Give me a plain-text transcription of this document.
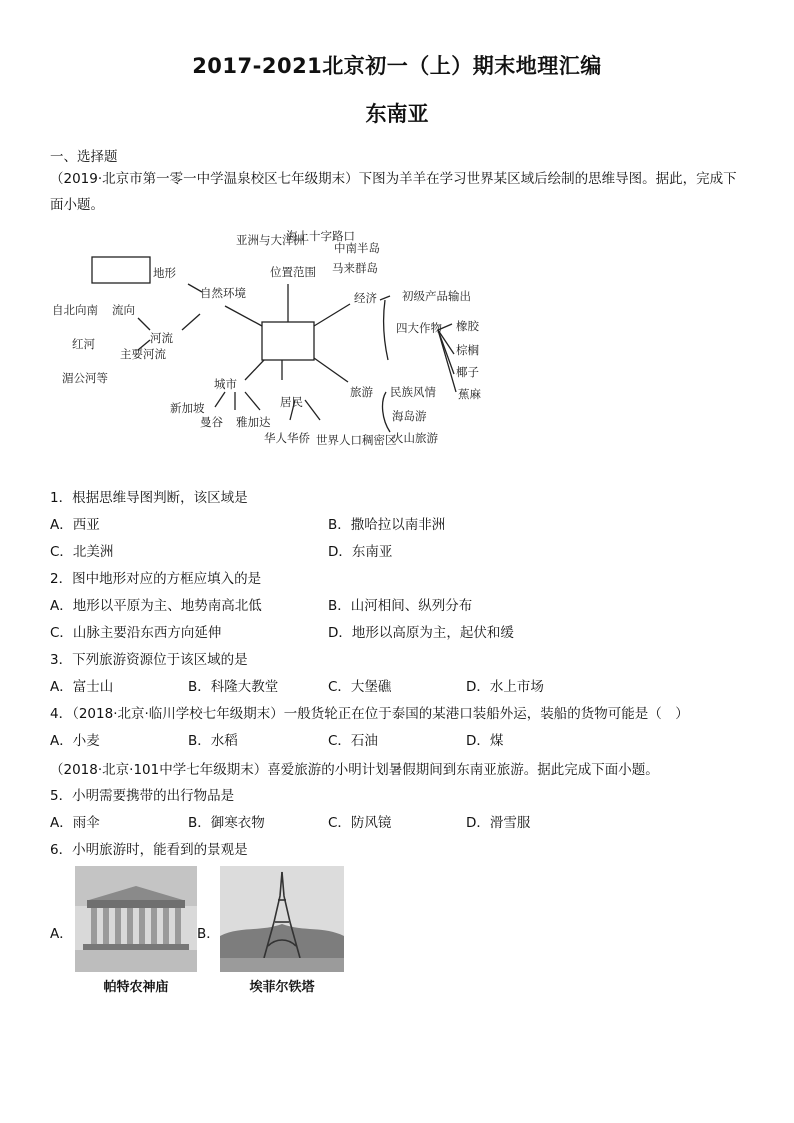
2017-2021北京初一（上）期末地理汇编
东南亚
一、选择题
（2019·北京市第一零一中学温泉校区七年级期末）下图为羊羊在学习世界某区域后绘制的思维导图。据此，完成下面小题。
地形
自然环境
自北向南 流向
河流
红河
主要河流
湄公河等
亚洲与大洋洲
海上十字路口
位置范围
中南半岛
马来群岛
经济 初级产品输出
四大作物 橡胶
棕榈
椰子
蕉麻
旅游 民族风情
海岛游
火山旅游
城市
新加坡
曼谷 雅加达
居民
华人华侨 世界人口稠密区
1．根据思维导图判断，该区域是
A．西亚	B．撒哈拉以南非洲
C．北美洲	D．东南亚
2．图中地形对应的方框应填入的是
A．地形以平原为主、地势南高北低	B．山河相间、纵列分布
C．山脉主要沿东西方向延伸	D．地形以高原为主，起伏和缓
3．下列旅游资源位于该区域的是
A．富士山	B．科隆大教堂	C．大堡礁	D．水上市场
4．（2018·北京·临川学校七年级期末）一般货轮正在位于泰国的某港口装船外运，装船的货物可能是（　）
A．小麦	B．水稻	C．石油	D．煤
（2018·北京·101中学七年级期末）喜爱旅游的小明计划暑假期间到东南亚旅游。据此完成下面小题。
5．小明需要携带的出行物品是
A．雨伞	B．御寒衣物	C．防风镜	D．滑雪服
6．小明旅游时，能看到的景观是
A．
帕特农神庙
B．
埃菲尔铁塔
